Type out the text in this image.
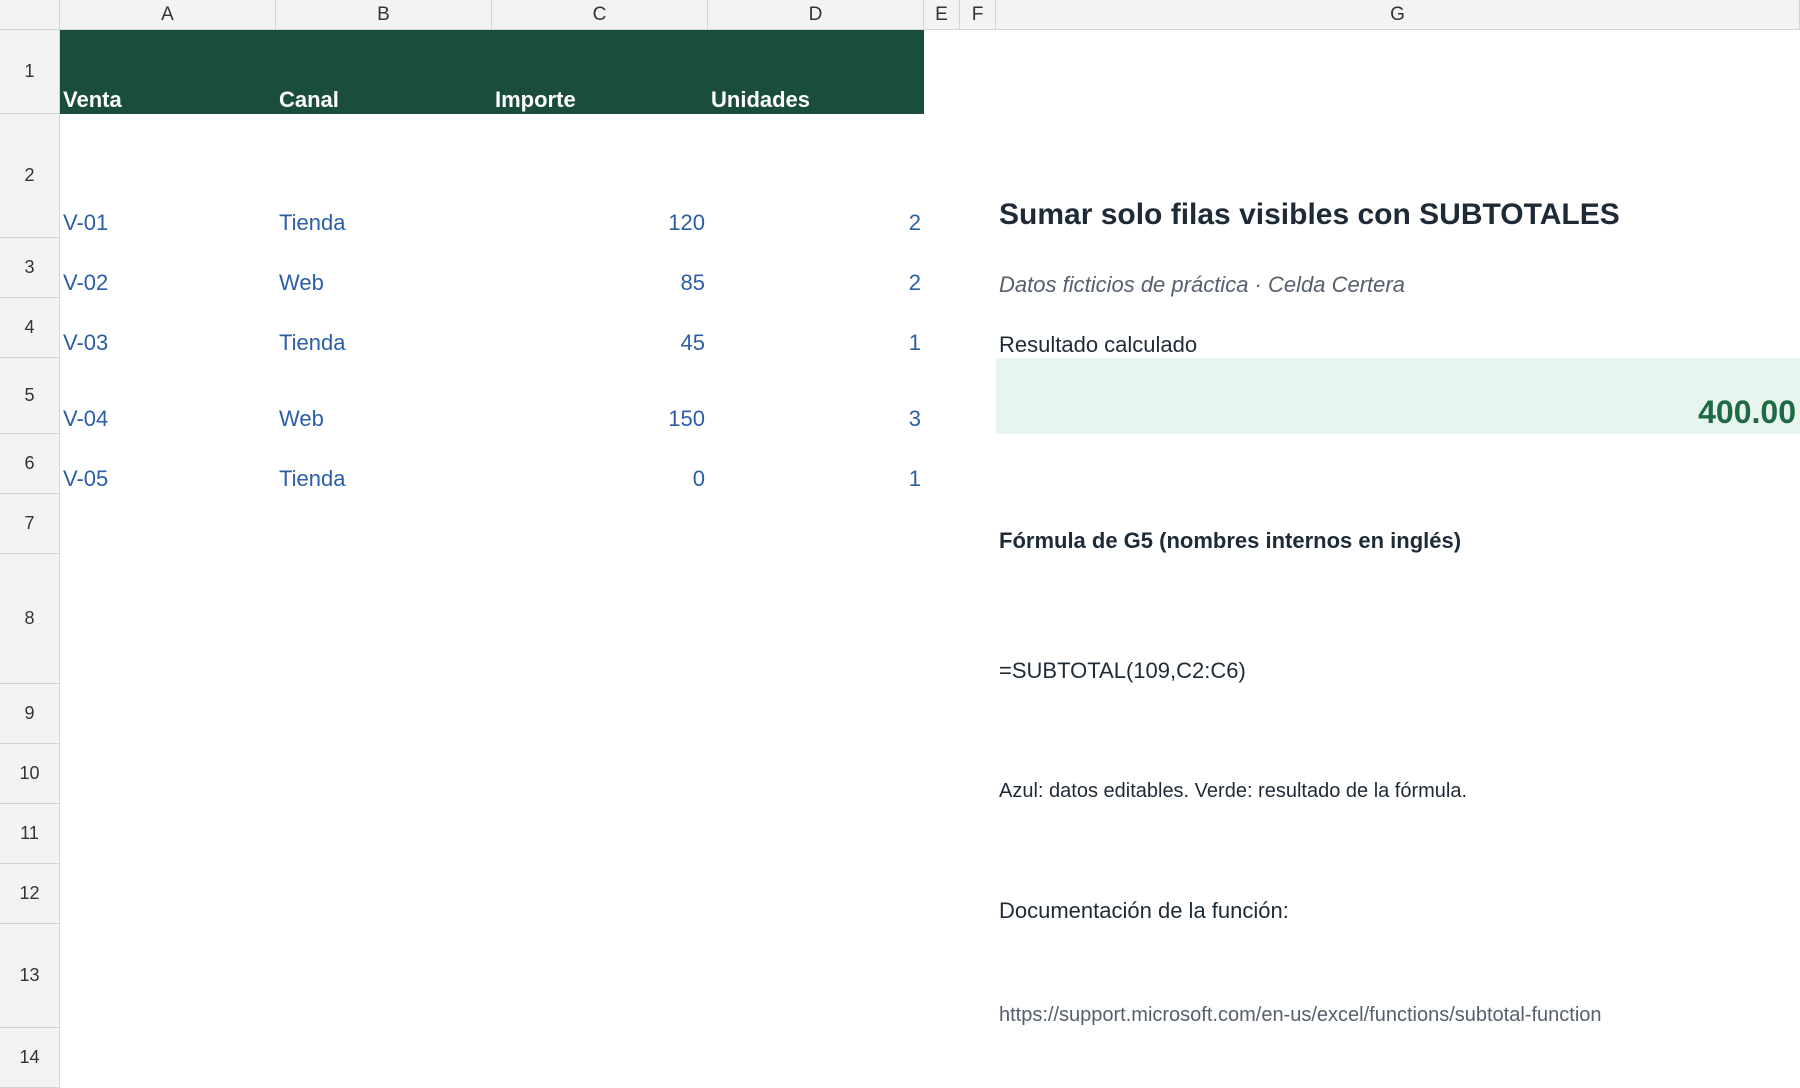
A	B	C	D	E	F	G
1
2
3
4
5
6
7
8
9
10
11
12
13
14
Venta	Canal	Importe	Unidades
V-01	Tienda	120	2
V-02	Web	85	2
V-03	Tienda	45	1
V-04	Web	150	3
V-05	Tienda	0	1
Sumar solo filas visibles con SUBTOTALES
Datos ficticios de práctica · Celda Certera
Resultado calculado
400.00
Fórmula de G5 (nombres internos en inglés)
=SUBTOTAL(109,C2:C6)
Azul: datos editables. Verde: resultado de la fórmula.
Documentación de la función:
https://support.microsoft.com/en-us/excel/functions/subtotal-function
